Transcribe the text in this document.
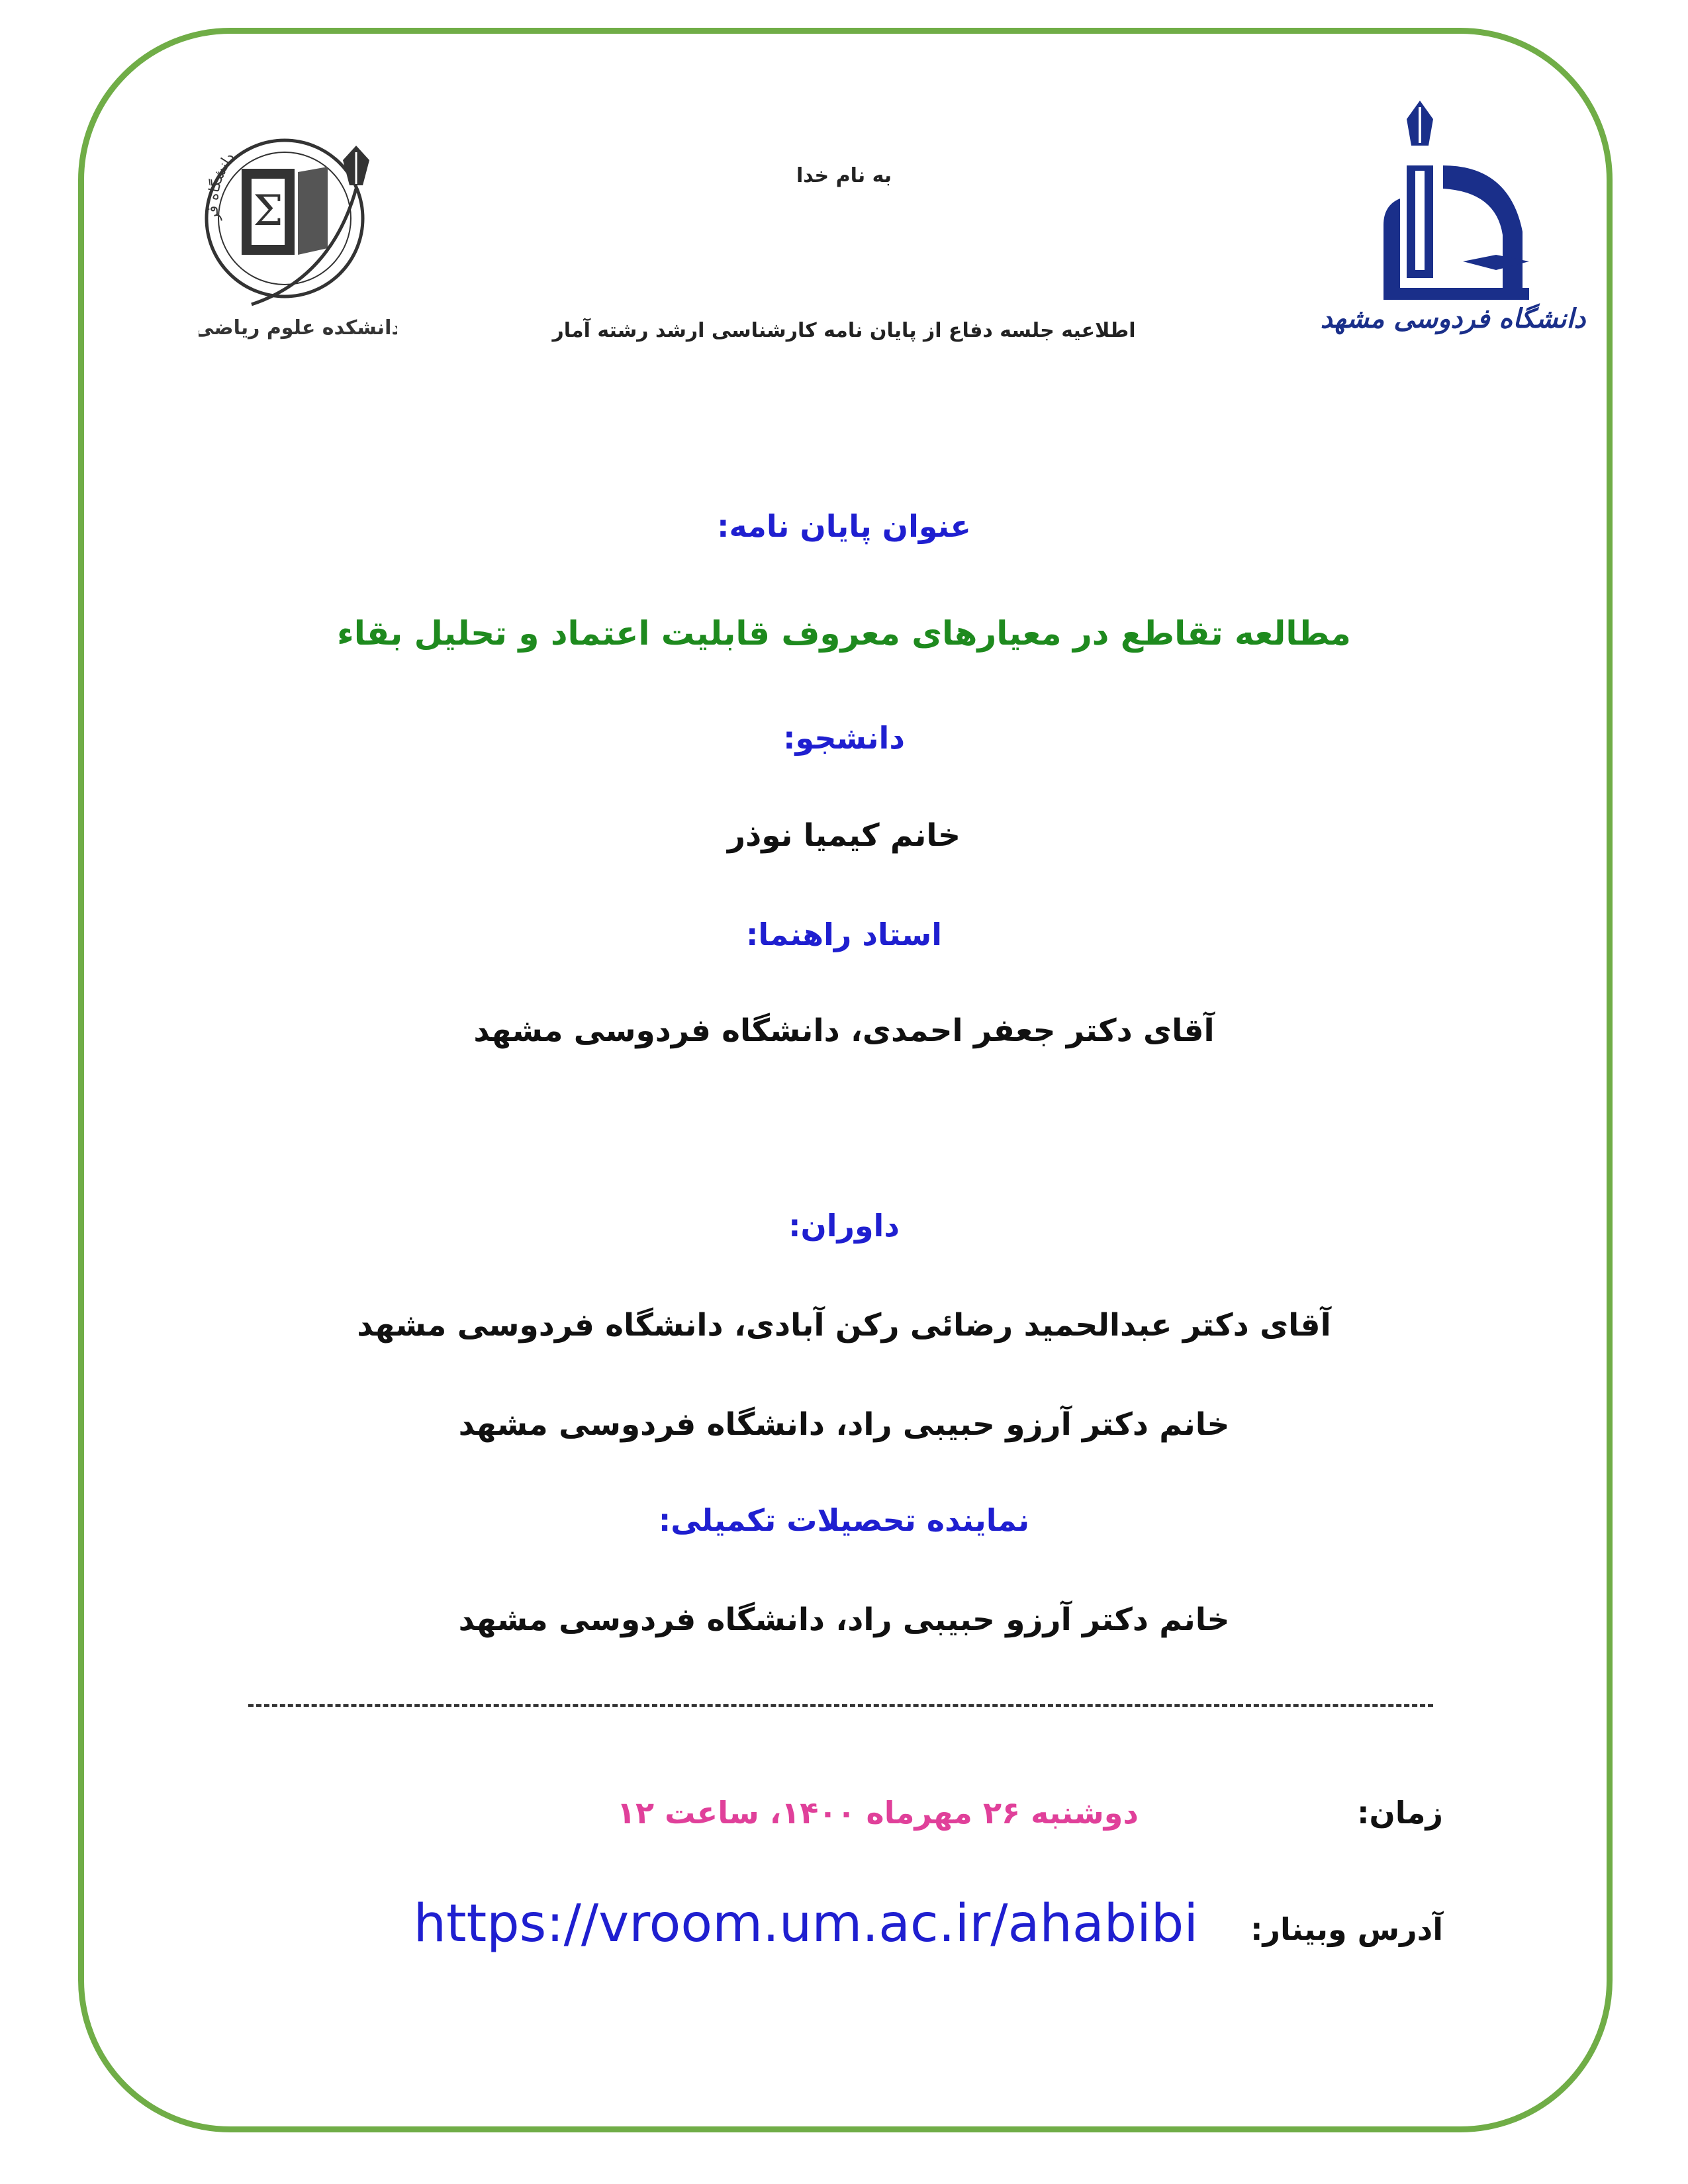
دانشگاه فر Σ
دانشکده علوم ریاضی	دانشگاه فردوسی مشهد
به نام خدا
اطلاعیه جلسه دفاع از پایان نامه کارشناسی ارشد رشته آمار
عنوان پایان نامه:
مطالعه تقاطع در معیارهای معروف قابلیت اعتماد و تحلیل بقاء
دانشجو:
خانم کیمیا نوذر
استاد راهنما:
آقای دکتر جعفر احمدی، دانشگاه فردوسی مشهد
داوران:
آقای دکتر عبدالحمید رضائی رکن آبادی، دانشگاه فردوسی مشهد
خانم دکتر آرزو حبیبی راد، دانشگاه فردوسی مشهد
نماینده تحصیلات تکمیلی:
خانم دکتر آرزو حبیبی راد، دانشگاه فردوسی مشهد
زمان:
دوشنبه ۲۶ مهرماه ۱۴۰۰، ساعت ۱۲
آدرس وبینار:
https://vroom.um.ac.ir/ahabibi
